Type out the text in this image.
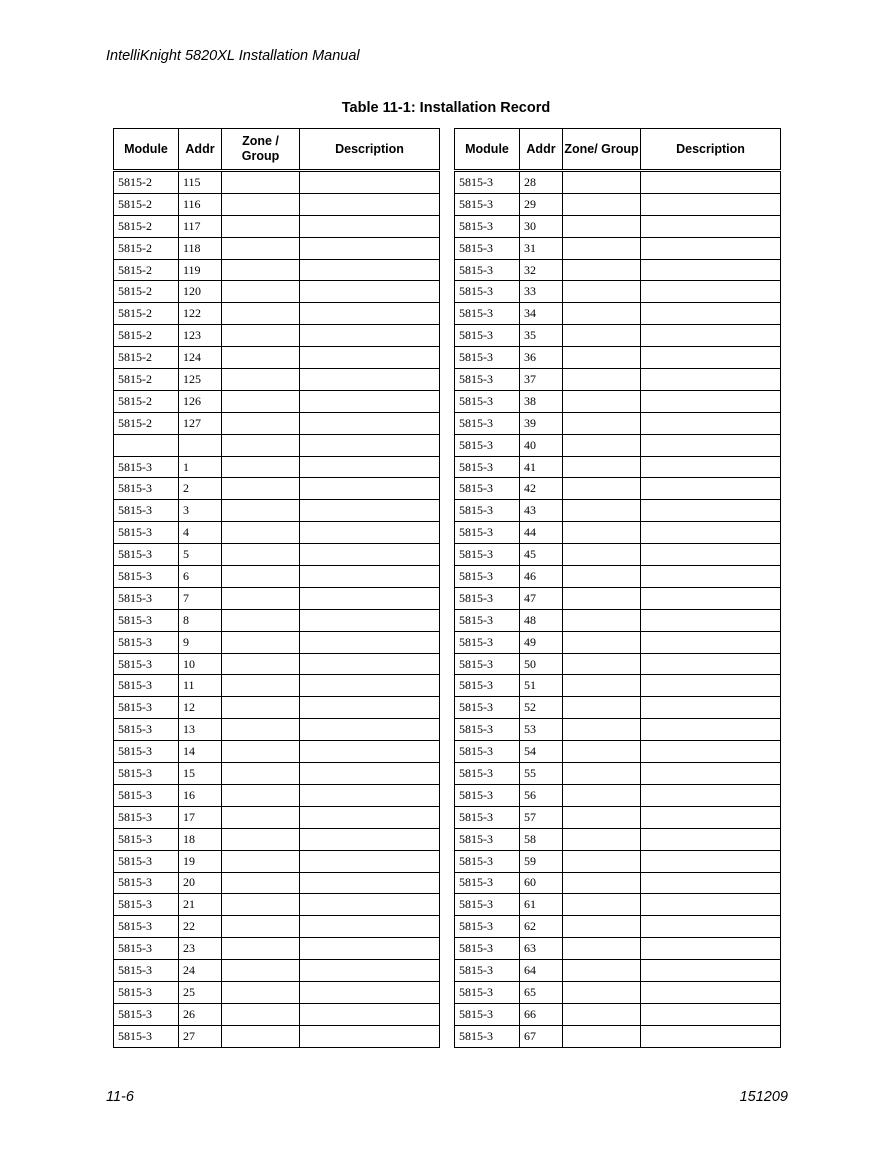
IntelliKnight 5820XL Installation Manual
Table 11-1: Installation Record
Module	Addr	Zone / Group	Description
5815-2	115		
5815-2	116		
5815-2	117		
5815-2	118		
5815-2	119		
5815-2	120		
5815-2	122		
5815-2	123		
5815-2	124		
5815-2	125		
5815-2	126		
5815-2	127		

5815-3	1		
5815-3	2		
5815-3	3		
5815-3	4		
5815-3	5		
5815-3	6		
5815-3	7		
5815-3	8		
5815-3	9		
5815-3	10		
5815-3	11		
5815-3	12		
5815-3	13		
5815-3	14		
5815-3	15		
5815-3	16		
5815-3	17		
5815-3	18		
5815-3	19		
5815-3	20		
5815-3	21		
5815-3	22		
5815-3	23		
5815-3	24		
5815-3	25		
5815-3	26		
5815-3	27		
Module	Addr	Zone/ Group	Description
5815-3	28		
5815-3	29		
5815-3	30		
5815-3	31		
5815-3	32		
5815-3	33		
5815-3	34		
5815-3	35		
5815-3	36		
5815-3	37		
5815-3	38		
5815-3	39		
5815-3	40		
5815-3	41		
5815-3	42		
5815-3	43		
5815-3	44		
5815-3	45		
5815-3	46		
5815-3	47		
5815-3	48		
5815-3	49		
5815-3	50		
5815-3	51		
5815-3	52		
5815-3	53		
5815-3	54		
5815-3	55		
5815-3	56		
5815-3	57		
5815-3	58		
5815-3	59		
5815-3	60		
5815-3	61		
5815-3	62		
5815-3	63		
5815-3	64		
5815-3	65		
5815-3	66		
5815-3	67		
11-6	151209
